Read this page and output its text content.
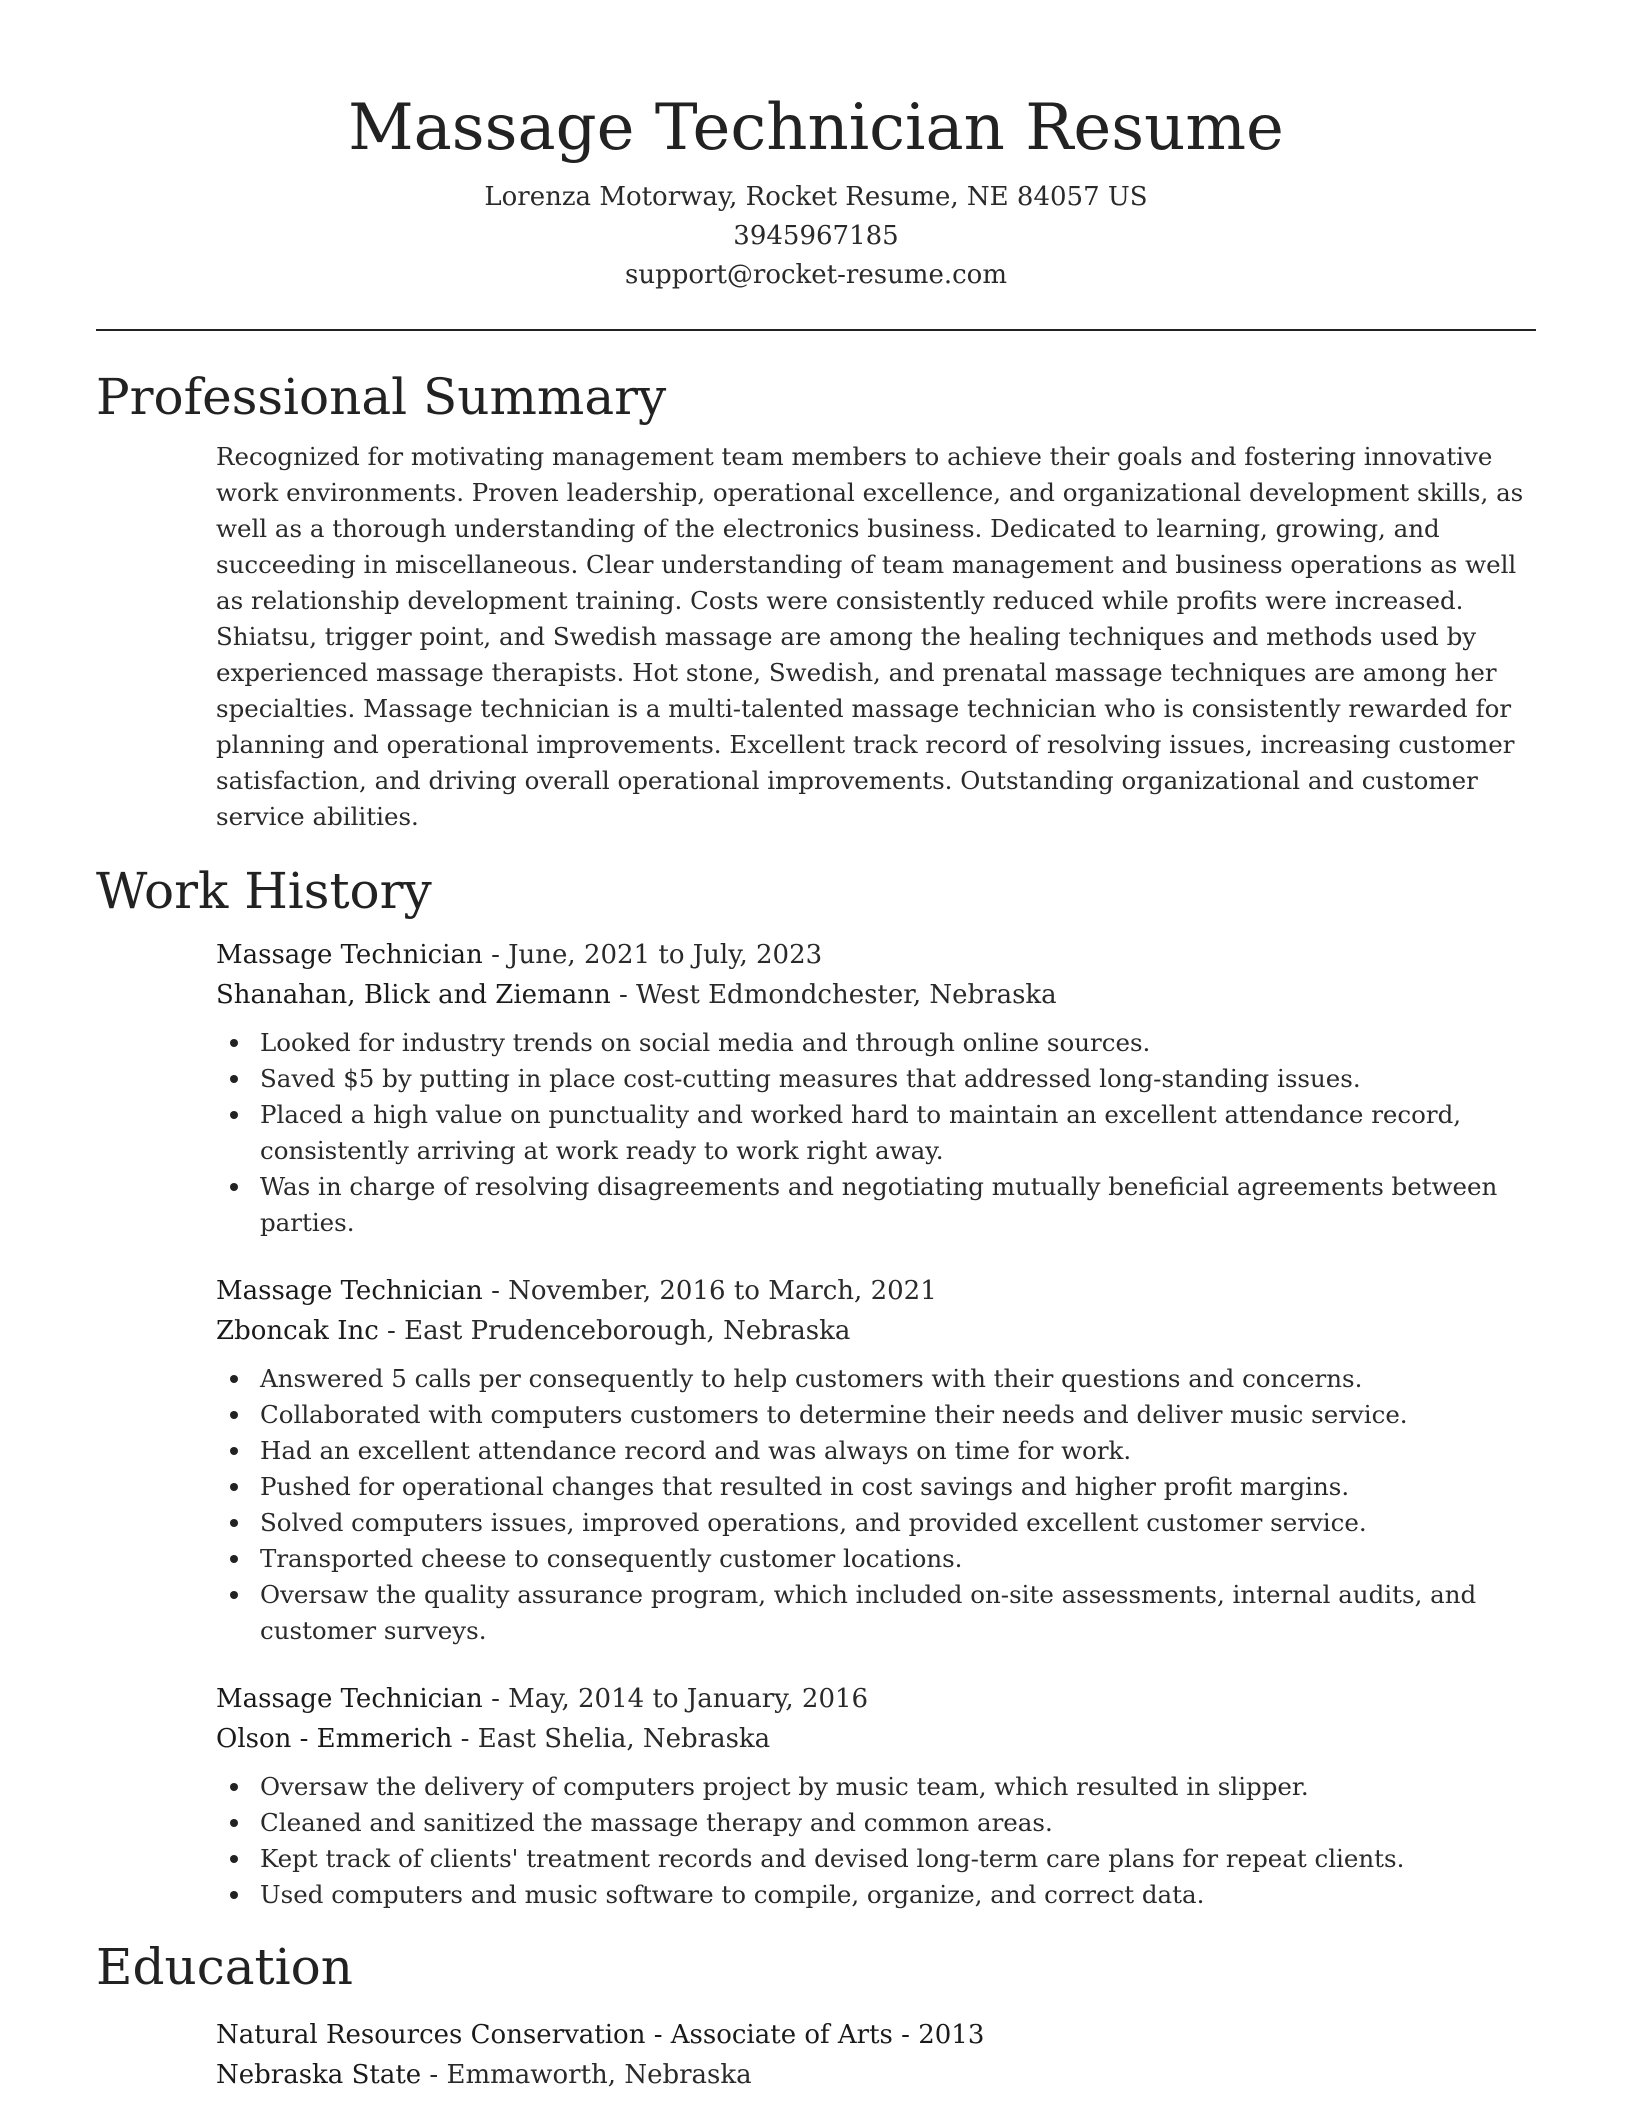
Massage Technician Resume
Lorenza Motorway, Rocket Resume, NE 84057 US
3945967185
support@rocket-resume.com
Professional Summary
Recognized for motivating management team members to achieve their goals and fostering innovative work environments. Proven leadership, operational excellence, and organizational development skills, as well as a thorough understanding of the electronics business. Dedicated to learning, growing, and succeeding in miscellaneous. Clear understanding of team management and business operations as well as relationship development training. Costs were consistently reduced while profits were increased. Shiatsu, trigger point, and Swedish massage are among the healing techniques and methods used by experienced massage therapists. Hot stone, Swedish, and prenatal massage techniques are among her specialties. Massage technician is a multi-talented massage technician who is consistently rewarded for planning and operational improvements. Excellent track record of resolving issues, increasing customer satisfaction, and driving overall operational improvements. Outstanding organizational and customer service abilities.
Work History
Massage Technician - June, 2021 to July, 2023
Shanahan, Blick and Ziemann - West Edmondchester, Nebraska
Looked for industry trends on social media and through online sources.
Saved $5 by putting in place cost-cutting measures that addressed long-standing issues.
Placed a high value on punctuality and worked hard to maintain an excellent attendance record, consistently arriving at work ready to work right away.
Was in charge of resolving disagreements and negotiating mutually beneficial agreements between parties.
Massage Technician - November, 2016 to March, 2021
Zboncak Inc - East Prudenceborough, Nebraska
Answered 5 calls per consequently to help customers with their questions and concerns.
Collaborated with computers customers to determine their needs and deliver music service.
Had an excellent attendance record and was always on time for work.
Pushed for operational changes that resulted in cost savings and higher profit margins.
Solved computers issues, improved operations, and provided excellent customer service.
Transported cheese to consequently customer locations.
Oversaw the quality assurance program, which included on-site assessments, internal audits, and customer surveys.
Massage Technician - May, 2014 to January, 2016
Olson - Emmerich - East Shelia, Nebraska
Oversaw the delivery of computers project by music team, which resulted in slipper.
Cleaned and sanitized the massage therapy and common areas.
Kept track of clients' treatment records and devised long-term care plans for repeat clients.
Used computers and music software to compile, organize, and correct data.
Education
Natural Resources Conservation - Associate of Arts - 2013
Nebraska State - Emmaworth, Nebraska
